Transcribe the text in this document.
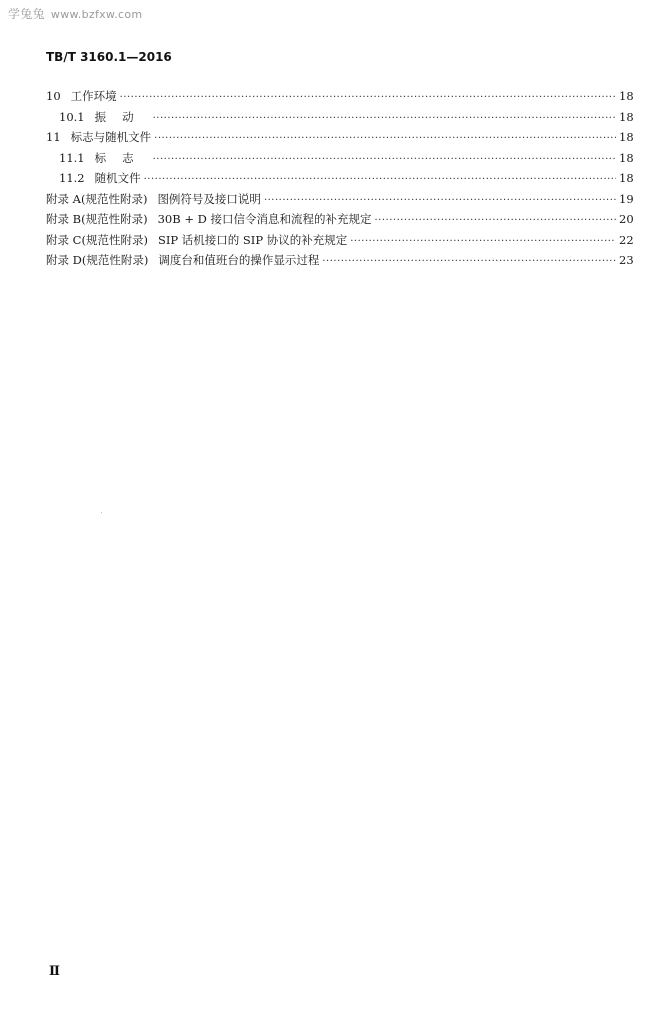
学兔兔 www.bzfxw.com
TB/T 3160.1—2016
10 工作环境 ·····	18
10.1 振动 ·····	18
11 标志与随机文件 ·····	18
11.1 标志 ·····	18
11.2 随机文件 ·····	18
附录 A(规范性附录) 图例符号及接口说明 ·····	19
附录 B(规范性附录) 30B + D 接口信令消息和流程的补充规定 ·····	20
附录 C(规范性附录) SIP 话机接口的 SIP 协议的补充规定 ·····	22
附录 D(规范性附录) 调度台和值班台的操作显示过程 ·····	23
Ⅱ
